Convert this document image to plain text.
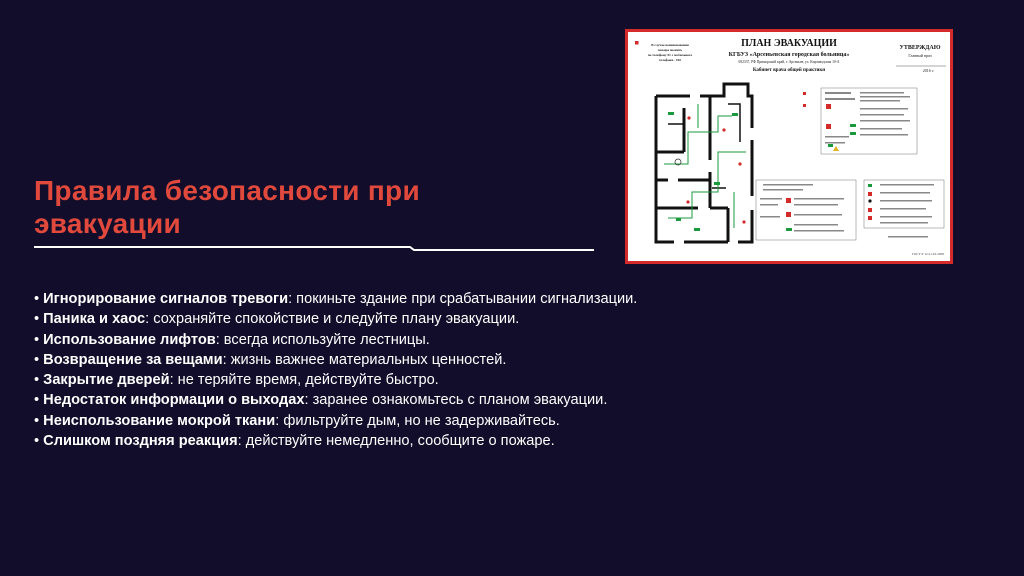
Правила безопасности при
эвакуации
• Игнорирование сигналов тревоги: покиньте здание при срабатывании сигнализации.
• Паника и хаос: сохраняйте спокойствие и следуйте плану эвакуации.
• Использование лифтов: всегда используйте лестницы.
• Возвращение за вещами: жизнь важнее материальных ценностей.
• Закрытие дверей: не теряйте время, действуйте быстро.
• Недостаток информации о выходах: заранее ознакомьтесь с планом эвакуации.
• Неиспользование мокрой ткани: фильтруйте дым, но не задерживайтесь.
• Слишком поздняя реакция: действуйте немедленно, сообщите о пожаре.
ПЛАН ЭВАКУАЦИИ
КГБУЗ «Арсеньевская городская больница»
692337, РФ Приморский край, г. Арсеньев, ул. Кирзаводская 10-А
Кабинет врача общей практики
УТВЕРЖДАЮ
Главный врач
2016 г.
В случае возникновения
пожара звонить
по телефону 01 с мобильного
телефона - 010
ГОСТ Р 12.2.143-2009
